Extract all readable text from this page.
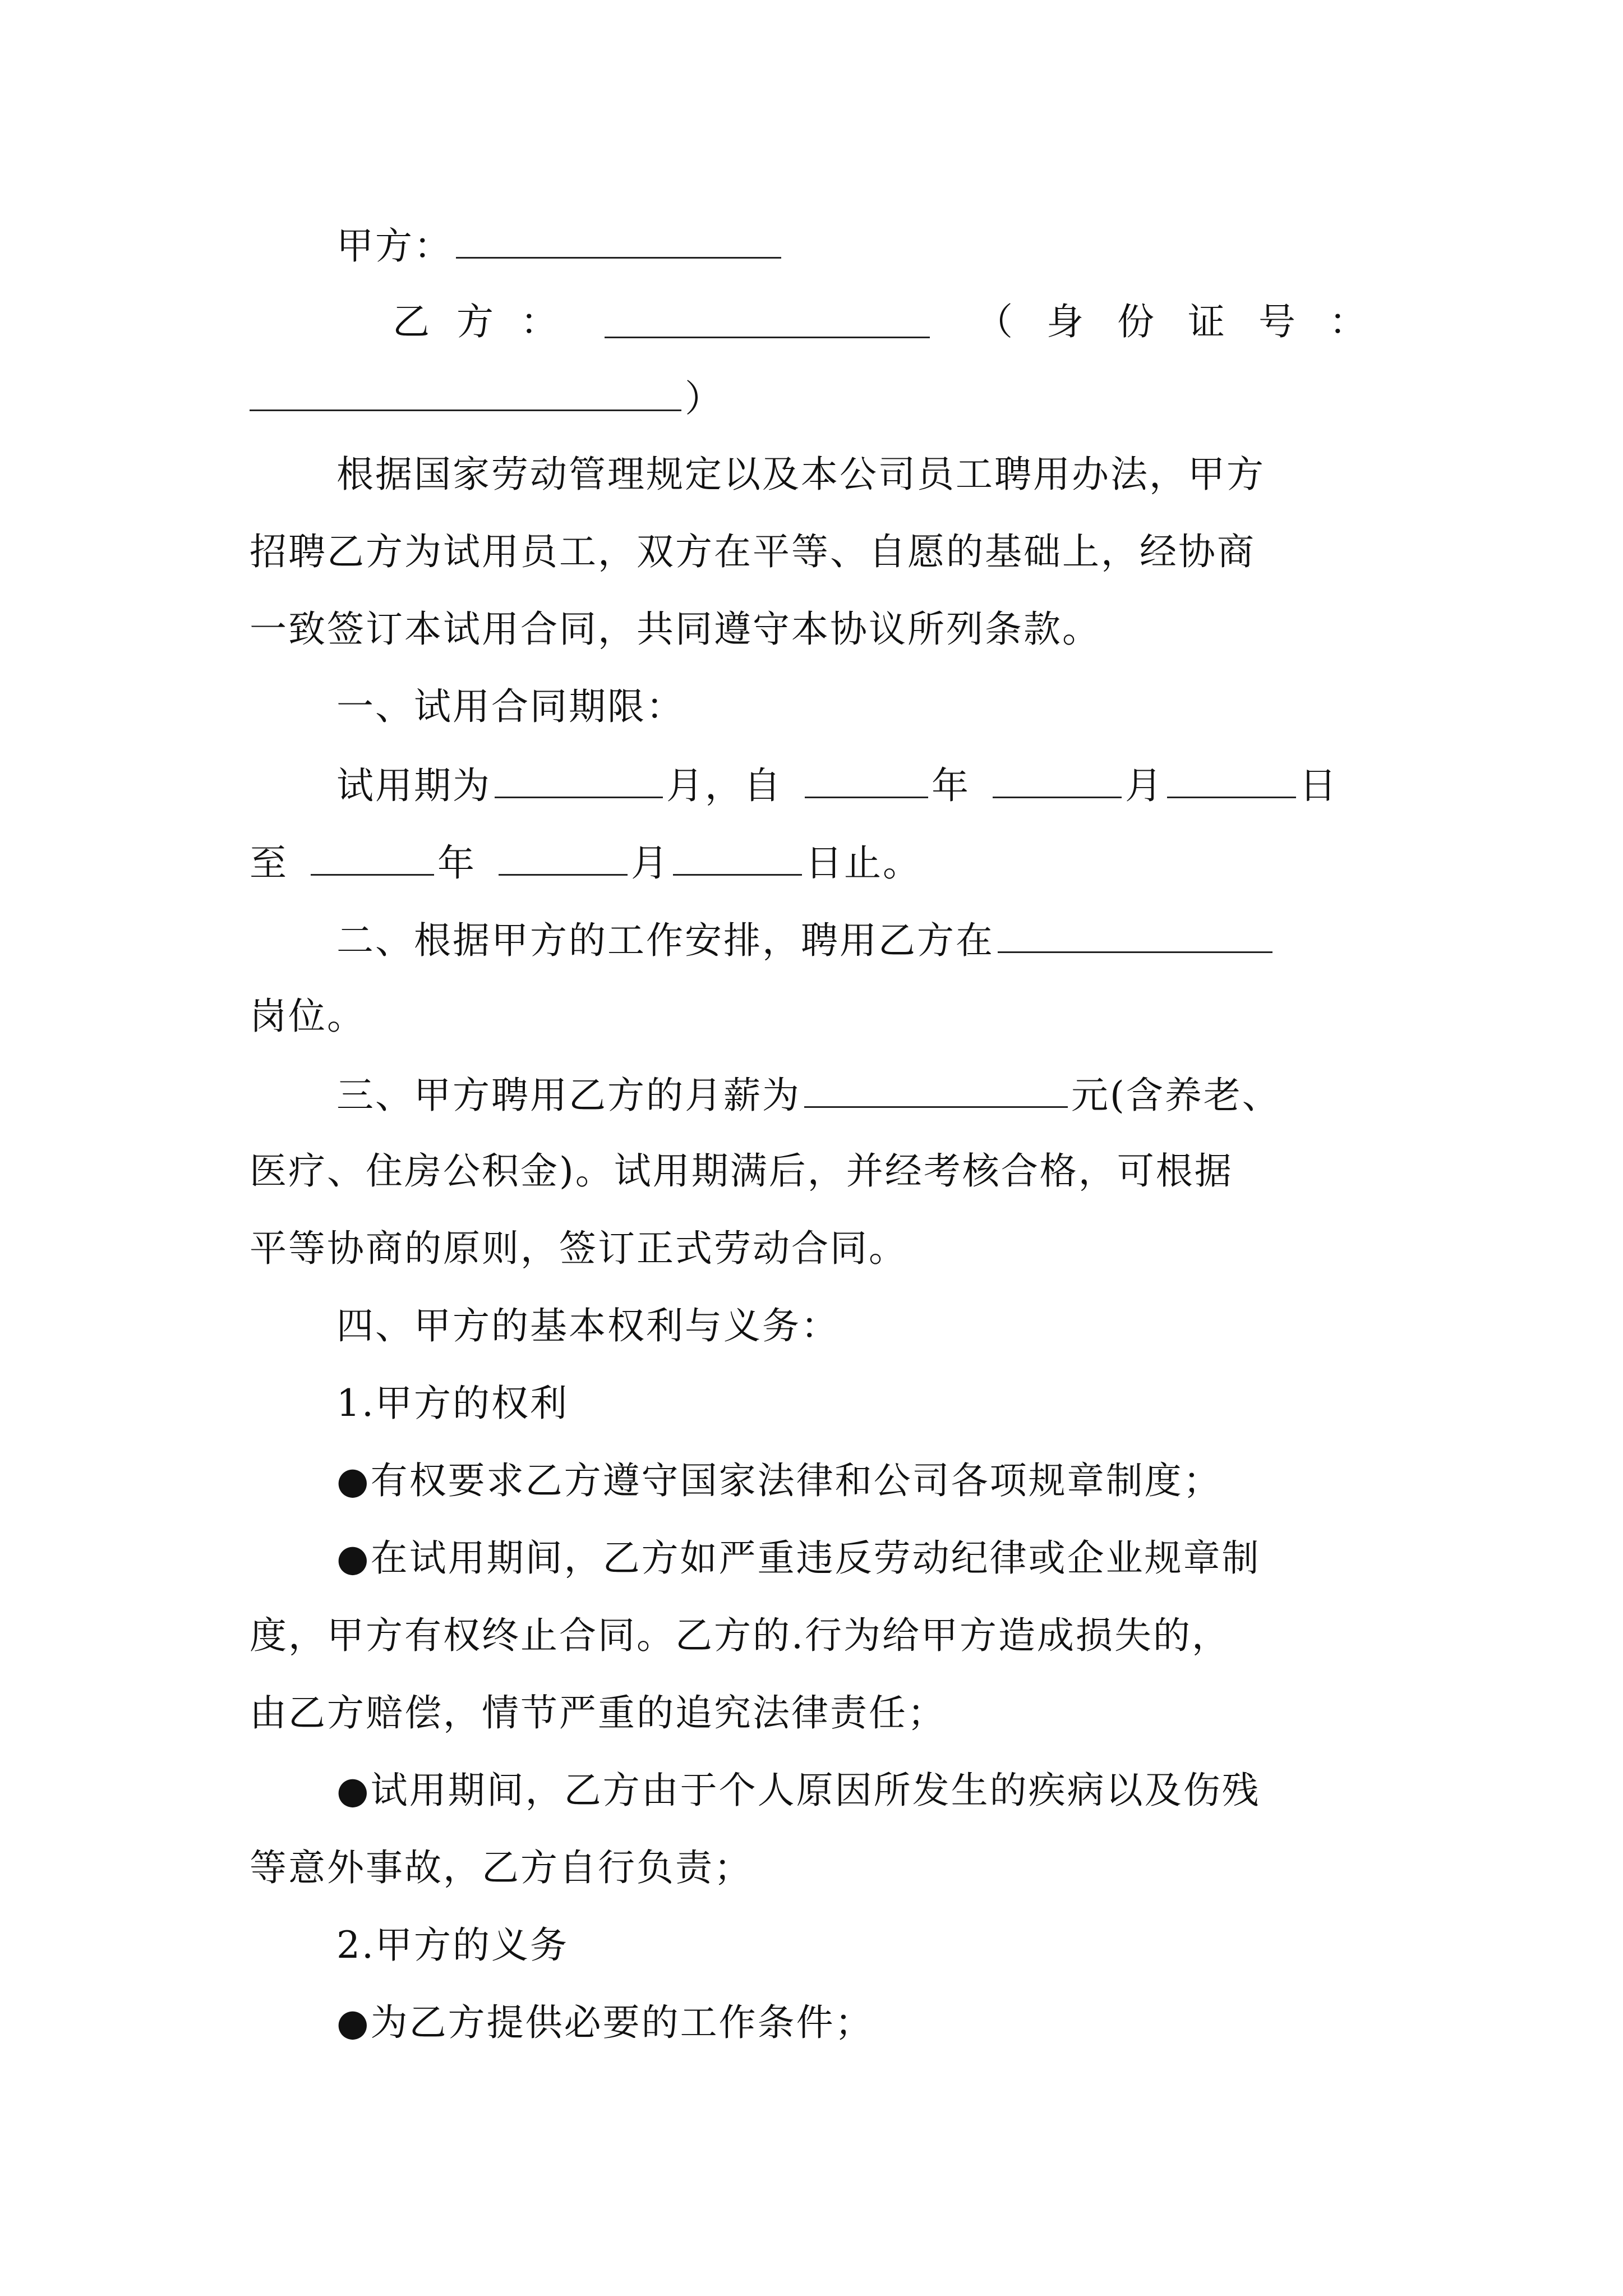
甲方：
乙方：	（身份证号：
）
根据国家劳动管理规定以及本公司员工聘用办法，甲方
招聘乙方为试用员工，双方在平等、自愿的基础上，经协商
一致签订本试用合同，共同遵守本协议所列条款。
一、试用合同期限：
试用期为	月，自	年	月	日
至	年	月	日止。
二、根据甲方的工作安排，聘用乙方在
岗位。
三、甲方聘用乙方的月薪为	元(含养老、
医疗、住房公积金)。试用期满后，并经考核合格，可根据
平等协商的原则，签订正式劳动合同。
四、甲方的基本权利与义务：
1.甲方的权利
●有权要求乙方遵守国家法律和公司各项规章制度；
●在试用期间，乙方如严重违反劳动纪律或企业规章制
度，甲方有权终止合同。乙方的.行为给甲方造成损失的，
由乙方赔偿，情节严重的追究法律责任；
●试用期间，乙方由于个人原因所发生的疾病以及伤残
等意外事故，乙方自行负责；
2.甲方的义务
●为乙方提供必要的工作条件；
